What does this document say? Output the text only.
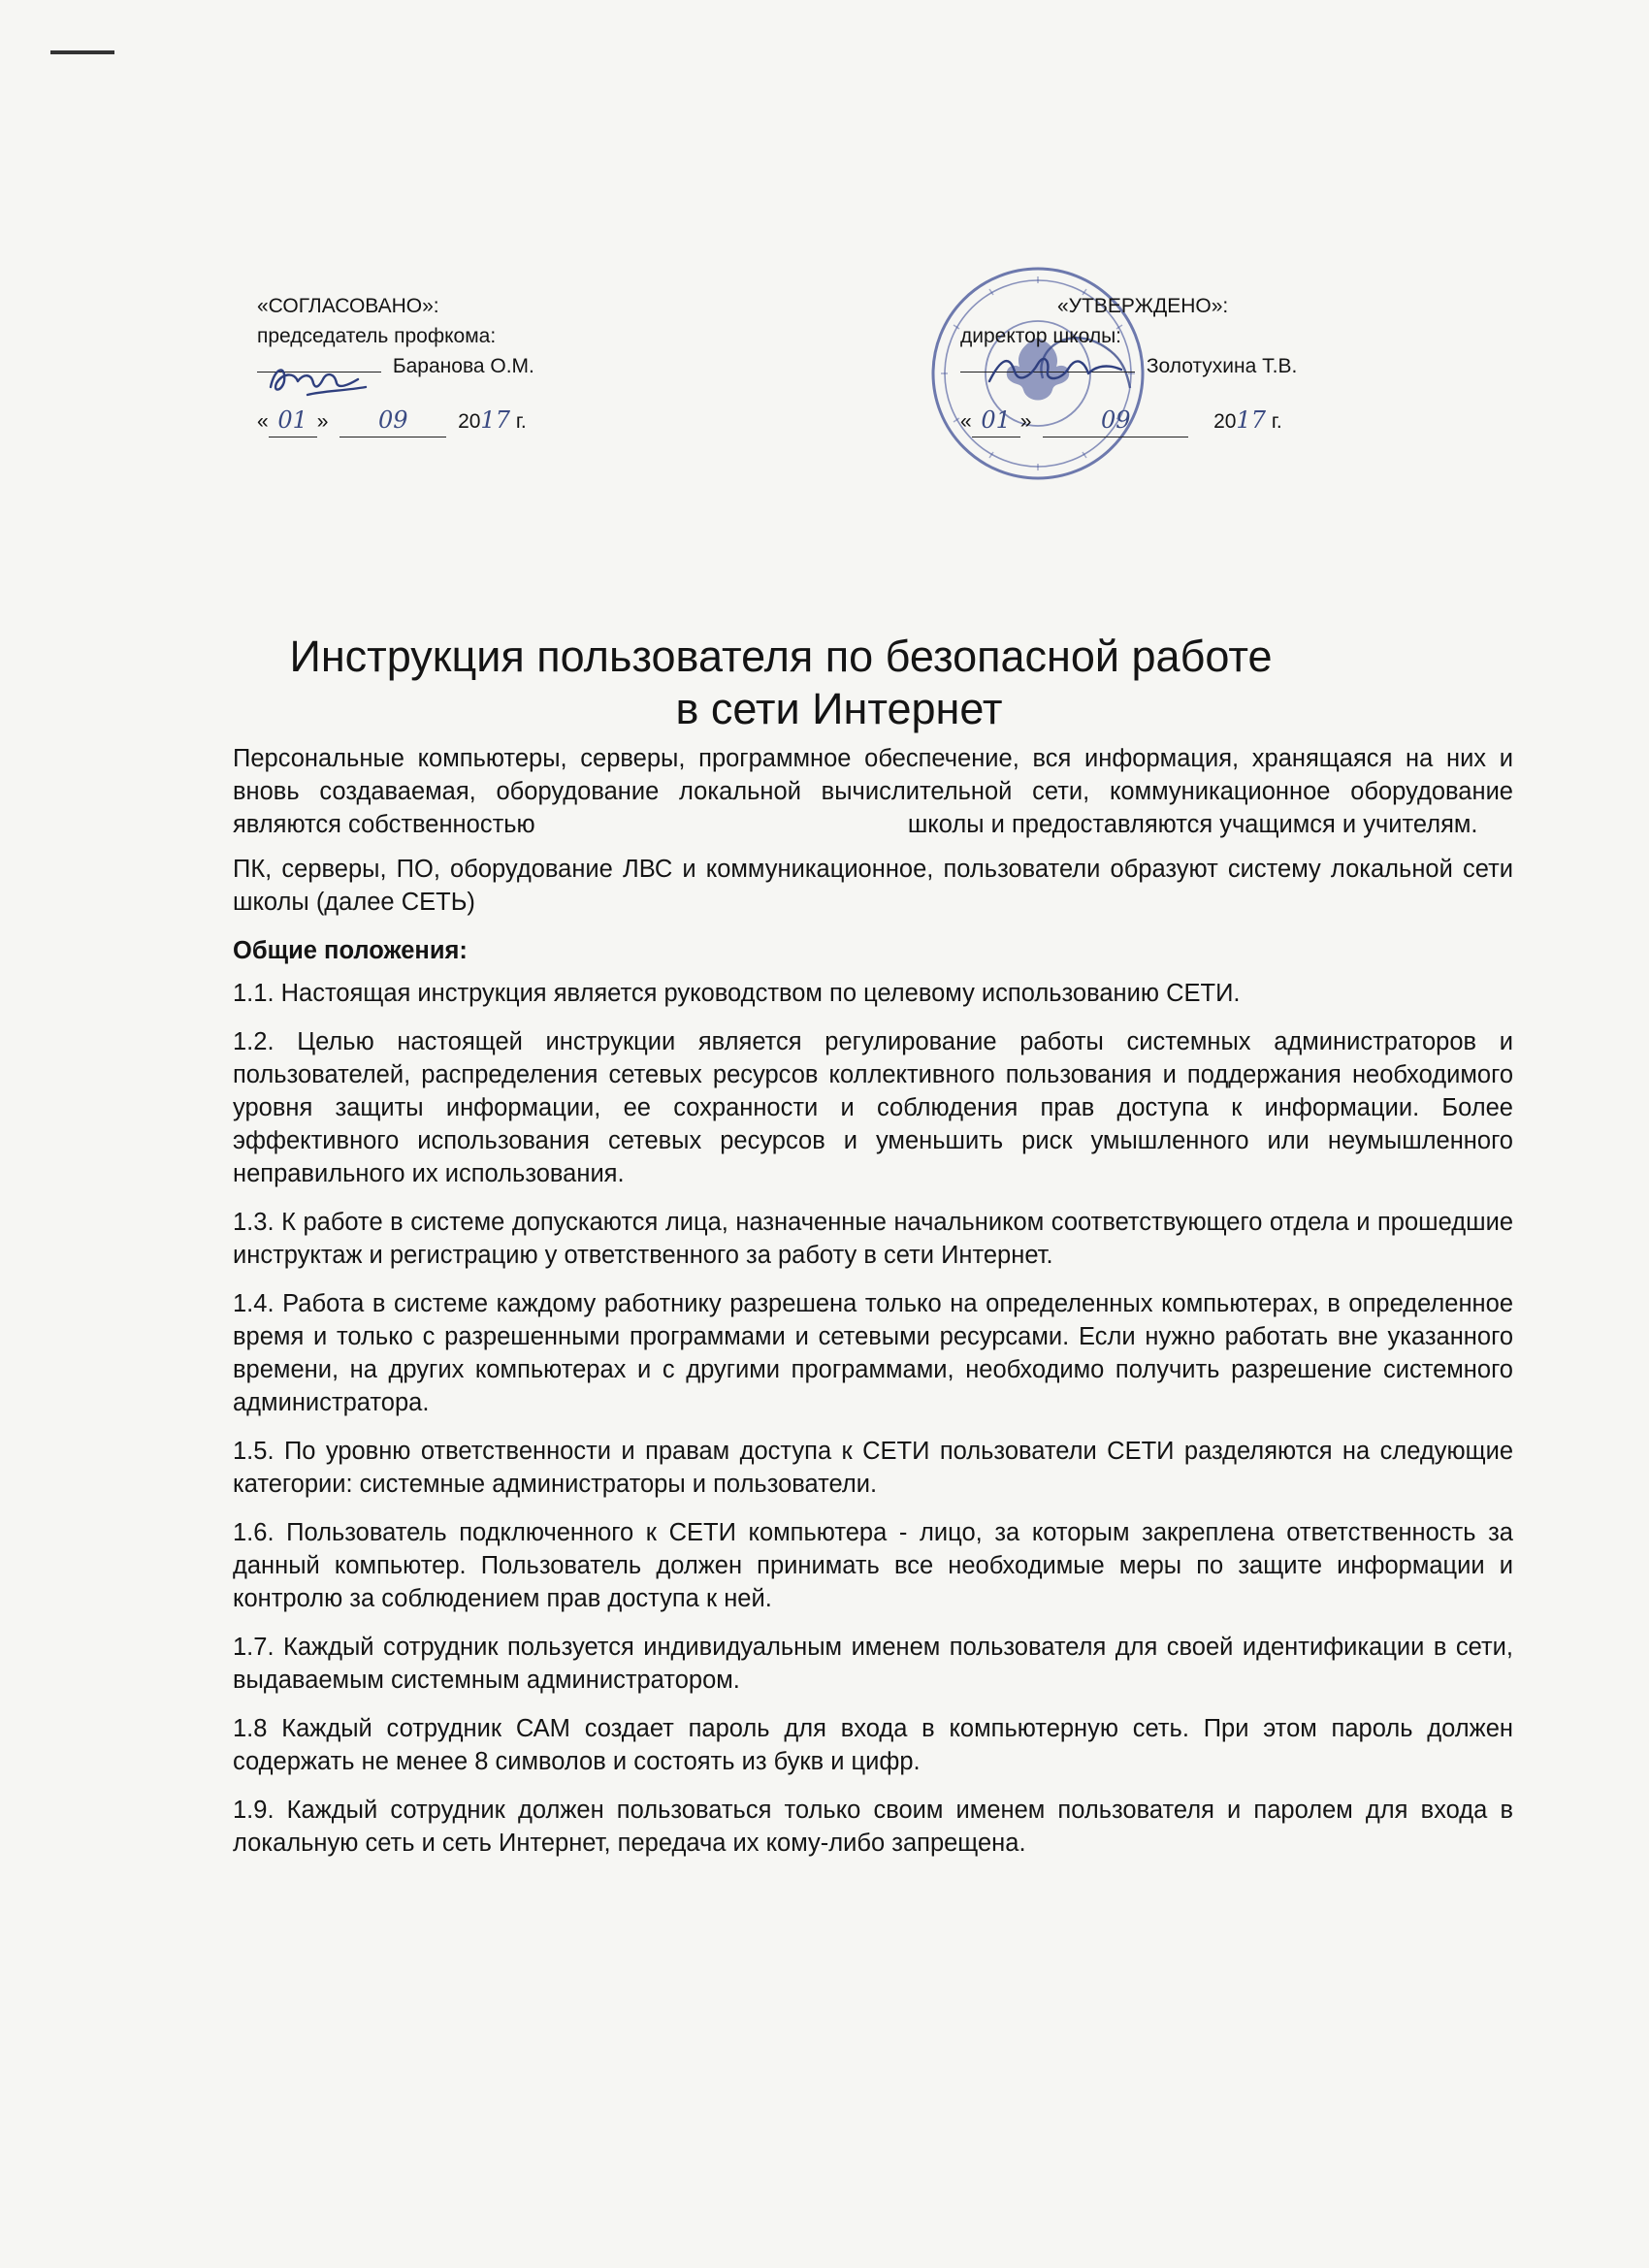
«СОГЛАСОВАНО»:
председатель профкома:
Баранова О.М.
« 01 » 09 2017 г.
«УТВЕРЖДЕНО»:
директор школы:
Золотухина Т.В.
« 01 »	09	2017 г.
Инструкция пользователя по безопасной работе
в сети Интернет

Персональные компьютеры, серверы, программное обеспечение, вся информация, хранящаяся на них и вновь создаваемая, оборудование локальной вычислительной сети, коммуникационное оборудование являются собственностью	школы и предоставляются учащимся и учителям.

ПК, серверы, ПО, оборудование ЛВС и коммуникационное, пользователи образуют систему локальной сети школы (далее СЕТЬ)

Общие положения:

1.1. Настоящая инструкция является руководством по целевому использованию СЕТИ.

1.2. Целью настоящей инструкции является регулирование работы системных администраторов и пользователей, распределения сетевых ресурсов коллективного пользования и поддержания необходимого уровня защиты информации, ее сохранности и соблюдения прав доступа к информации. Более эффективного использования сетевых ресурсов и уменьшить риск умышленного или неумышленного неправильного их использования.

1.3. К работе в системе допускаются лица, назначенные начальником соответствующего отдела и прошедшие инструктаж и регистрацию у ответственного за работу в сети Интернет.

1.4. Работа в системе каждому работнику разрешена только на определенных компьютерах, в определенное время и только с разрешенными программами и сетевыми ресурсами. Если нужно работать вне указанного времени, на других компьютерах и с другими программами, необходимо получить разрешение системного администратора.

1.5. По уровню ответственности и правам доступа к СЕТИ пользователи СЕТИ разделяются на следующие категории: системные администраторы и пользователи.

1.6. Пользователь подключенного к СЕТИ компьютера - лицо, за которым закреплена ответственность за данный компьютер. Пользователь должен принимать все необходимые меры по защите информации и контролю за соблюдением прав доступа к ней.

1.7. Каждый сотрудник пользуется индивидуальным именем пользователя для своей идентификации в сети, выдаваемым системным администратором.

1.8 Каждый сотрудник САМ создает пароль для входа в компьютерную сеть. При этом пароль должен содержать не менее 8 символов и состоять из букв и цифр.

1.9. Каждый сотрудник должен пользоваться только своим именем пользователя и паролем для входа в локальную сеть и сеть Интернет, передача их кому-либо запрещена.
